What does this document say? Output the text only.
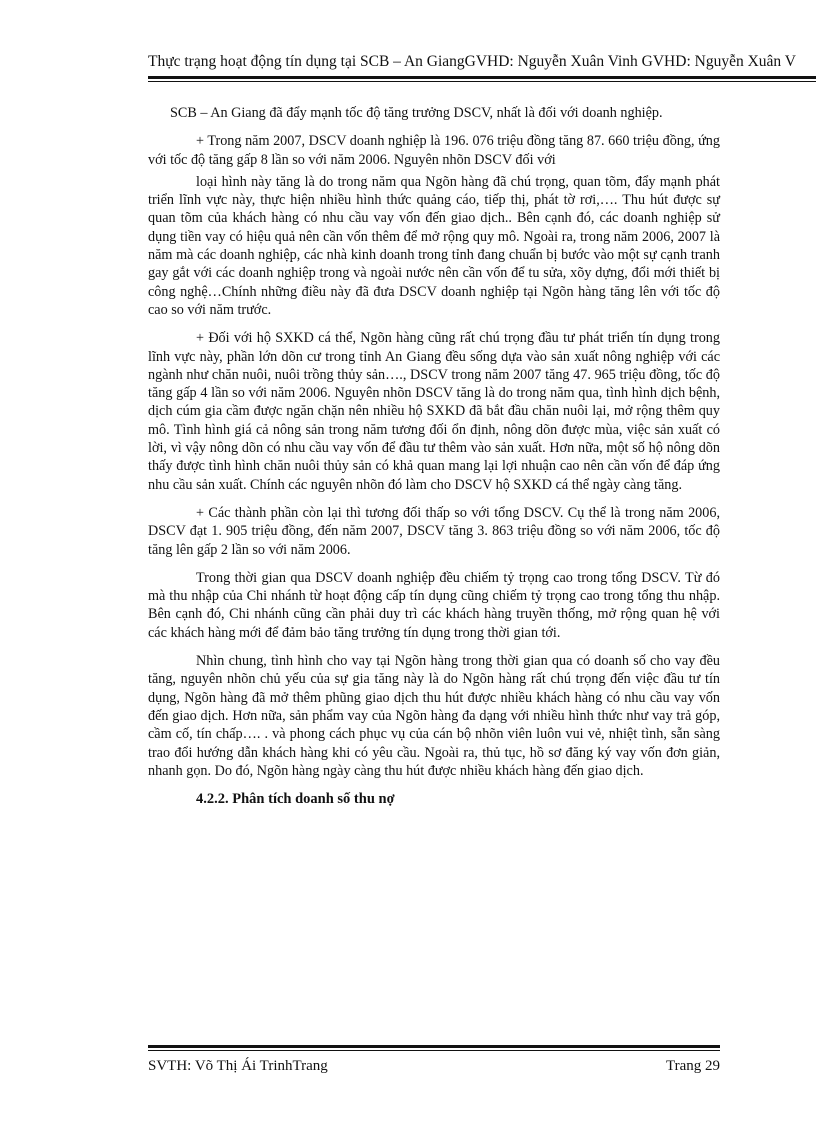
Thực trạng hoạt động tín dụng tại SCB – An GiangGVHD: Nguyễn Xuân Vinh GVHD: Nguyễn Xuân V

SCB – An Giang đã đẩy mạnh tốc độ tăng trưởng DSCV, nhất là đối với doanh nghiệp.

+ Trong năm 2007, DSCV doanh nghiệp là 196. 076 triệu đồng tăng 87. 660 triệu đồng, ứng với tốc độ tăng gấp 8 lần so với năm 2006. Nguyên nhõn DSCV đối với

loại hình này tăng là do trong năm qua Ngõn hàng đã chú trọng, quan tõm, đẩy mạnh phát triển lĩnh vực này, thực hiện nhiều hình thức quảng cáo, tiếp thị, phát tờ rơi,…. Thu hút được sự quan tõm của khách hàng có nhu cầu vay vốn đến giao dịch.. Bên cạnh đó, các doanh nghiệp sử dụng tiền vay có hiệu quả nên cần vốn thêm để mở rộng quy mô. Ngoài ra, trong năm 2006, 2007 là năm mà các doanh nghiệp, các nhà kinh doanh trong tỉnh đang chuẩn bị bước vào một sự cạnh tranh gay gắt với các doanh nghiệp trong và ngoài nước nên cần vốn để tu sửa, xõy dựng, đổi mới thiết bị công nghệ…Chính những điều này đã đưa DSCV doanh nghiệp tại Ngõn hàng tăng lên với tốc độ cao so với năm trước.

+ Đối với hộ SXKD cá thể, Ngõn hàng cũng rất chú trọng đầu tư phát triển tín dụng trong lĩnh vực này, phần lớn dõn cư trong tỉnh An Giang đều sống dựa vào sản xuất nông nghiệp với các ngành như chăn nuôi, nuôi trồng thủy sản…., DSCV trong năm 2007 tăng 47. 965 triệu đồng, tốc độ tăng gấp 4 lần so với năm 2006. Nguyên nhõn DSCV tăng là do trong năm qua, tình hình dịch bệnh, dịch cúm gia cầm được ngăn chặn nên nhiều hộ SXKD đã bắt đầu chăn nuôi lại, mở rộng thêm quy mô. Tình hình giá cả nông sản trong năm tương đối ổn định, nông dõn được mùa, việc sản xuất có lời, vì vậy nông dõn có nhu cầu vay vốn để đầu tư thêm vào sản xuất. Hơn nữa, một số hộ nông dõn thấy được tình hình chăn nuôi thủy sản có khả quan mang lại lợi nhuận cao nên cần vốn để đáp ứng nhu cầu sản xuất. Chính các nguyên nhõn đó làm cho DSCV hộ SXKD cá thể ngày càng tăng.

+ Các thành phần còn lại thì tương đối thấp so với tổng DSCV. Cụ thể là trong năm 2006, DSCV đạt 1. 905 triệu đồng, đến năm 2007, DSCV tăng 3. 863 triệu đồng so với năm 2006, tốc độ tăng lên gấp 2 lần so với năm 2006.

Trong thời gian qua DSCV doanh nghiệp đều chiếm tỷ trọng cao trong tổng DSCV. Từ đó mà thu nhập của Chi nhánh từ hoạt động cấp tín dụng cũng chiếm tỷ trọng cao trong tổng thu nhập. Bên cạnh đó, Chi nhánh cũng cần phải duy trì các khách hàng truyền thống, mở rộng quan hệ với các khách hàng mới để đảm bảo tăng trưởng tín dụng trong thời gian tới.

Nhìn chung, tình hình cho vay tại Ngõn hàng trong thời gian qua có doanh số cho vay đều tăng, nguyên nhõn chủ yếu của sự gia tăng này là do Ngõn hàng rất chú trọng đến việc đầu tư tín dụng, Ngõn hàng đã mở thêm phũng giao dịch thu hút được nhiều khách hàng có nhu cầu vay vốn đến giao dịch. Hơn nữa, sản phẩm vay của Ngõn hàng đa dạng với nhiều hình thức như vay trả góp, cầm cố, tín chấp…. . và phong cách phục vụ của cán bộ nhõn viên luôn vui vẻ, nhiệt tình, sẵn sàng trao đổi hướng dẫn khách hàng khi có yêu cầu. Ngoài ra, thủ tục, hồ sơ đăng ký vay vốn đơn giản, nhanh gọn. Do đó, Ngõn hàng ngày càng thu hút được nhiều khách hàng đến giao dịch.

4.2.2. Phân tích doanh số thu nợ
SVTH: Võ Thị Ái TrinhTrang	Trang 29
